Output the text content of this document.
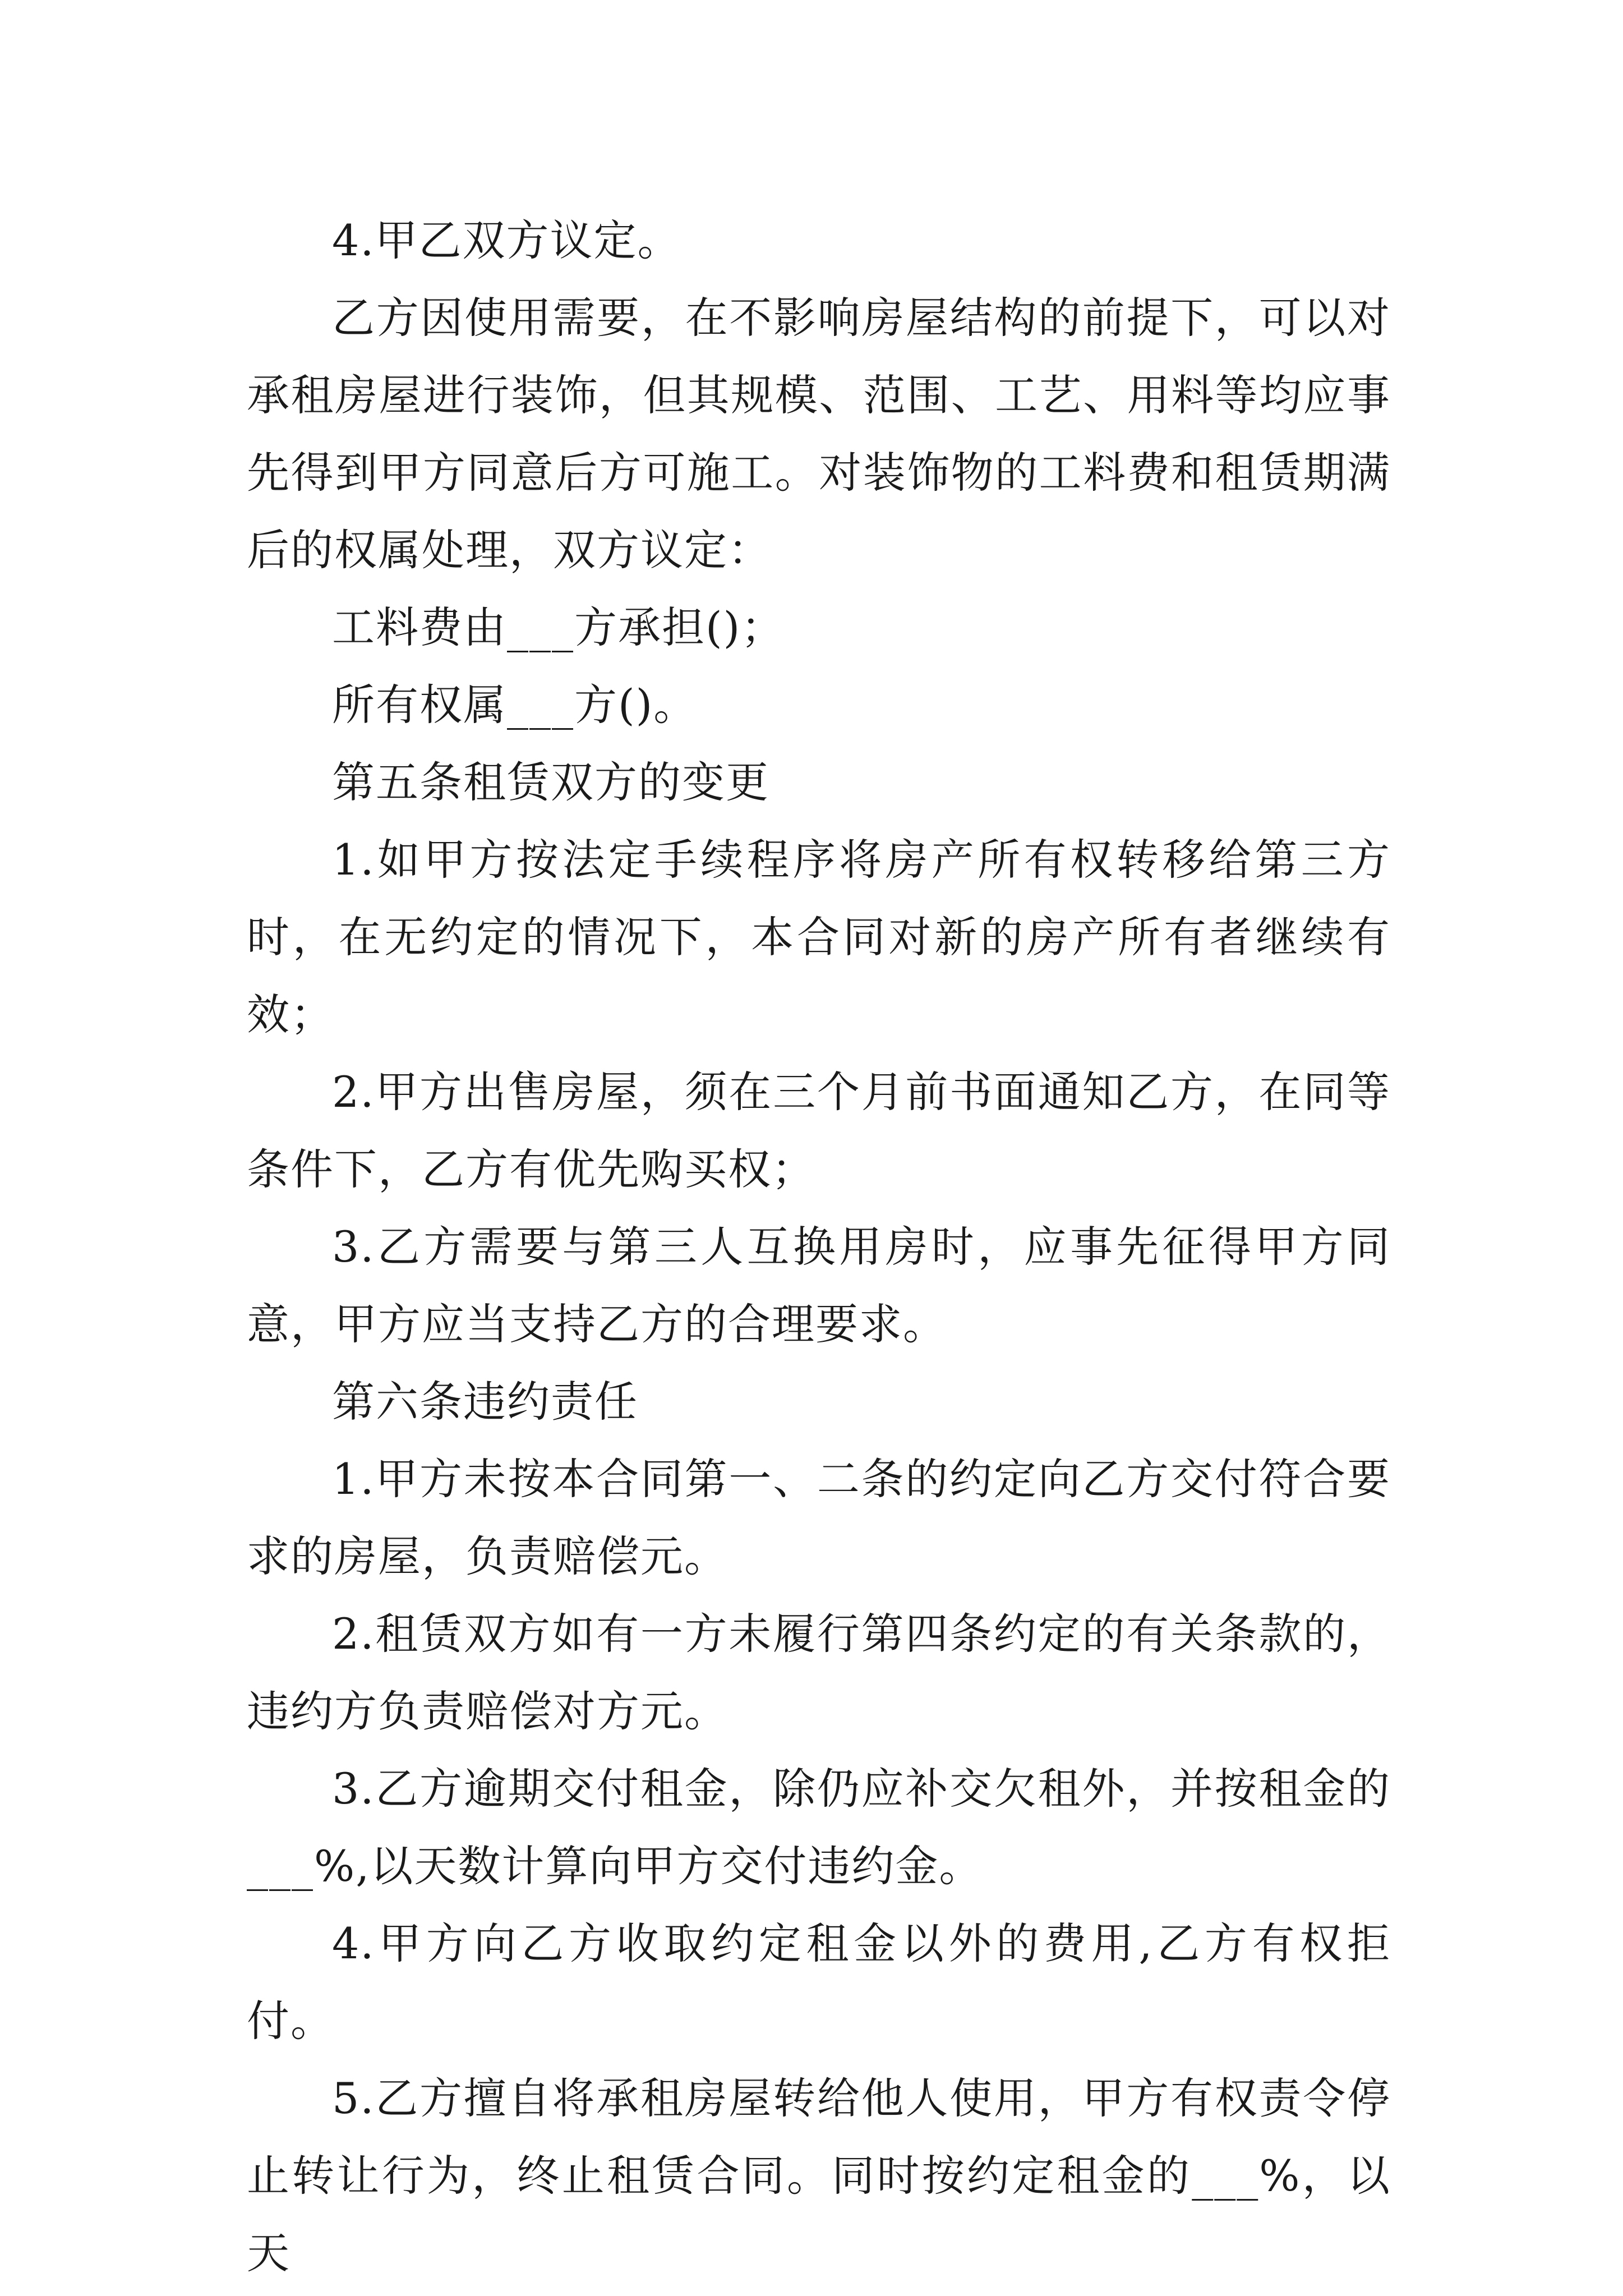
4.甲乙双方议定。

乙方因使用需要，在不影响房屋结构的前提下，可以对承租房屋进行装饰，但其规模、范围、工艺、用料等均应事先得到甲方同意后方可施工。对装饰物的工料费和租赁期满后的权属处理，双方议定：

工料费由___方承担()；

所有权属___方()。

第五条租赁双方的变更

1.如甲方按法定手续程序将房产所有权转移给第三方时，在无约定的情况下，本合同对新的房产所有者继续有效；

2.甲方出售房屋，须在三个月前书面通知乙方，在同等条件下，乙方有优先购买权；

3.乙方需要与第三人互换用房时，应事先征得甲方同意，甲方应当支持乙方的合理要求。

第六条违约责任

1.甲方未按本合同第一、二条的约定向乙方交付符合要求的房屋，负责赔偿元。

2.租赁双方如有一方未履行第四条约定的有关条款的，违约方负责赔偿对方元。

3.乙方逾期交付租金，除仍应补交欠租外，并按租金的___%,以天数计算向甲方交付违约金。

4.甲方向乙方收取约定租金以外的费用,乙方有权拒付。

5.乙方擅自将承租房屋转给他人使用，甲方有权责令停止转让行为，终止租赁合同。同时按约定租金的___%，以天
